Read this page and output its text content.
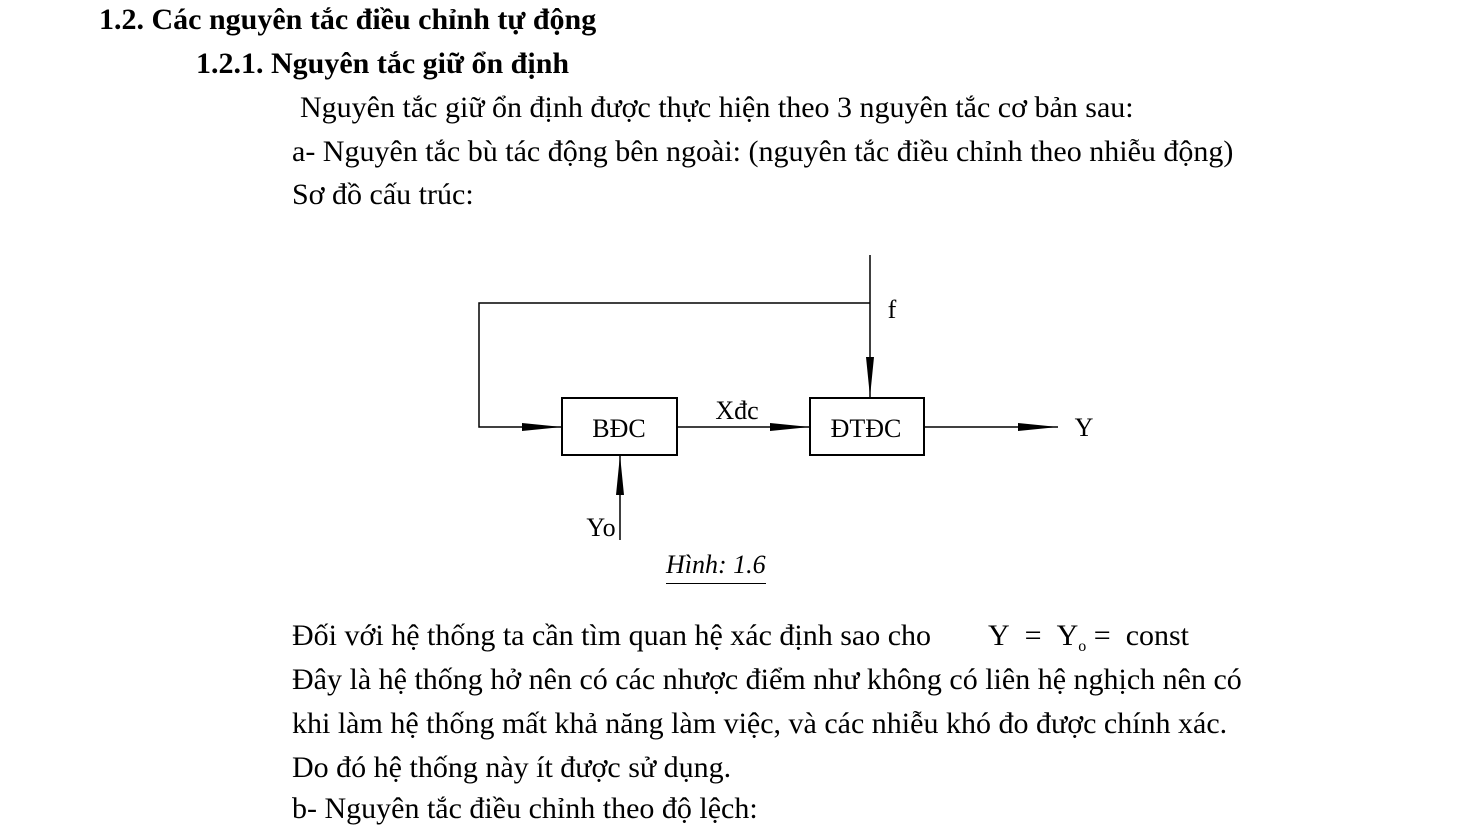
1.2. Các nguyên tắc điều chỉnh tự động
1.2.1. Nguyên tắc giữ ổn định
Nguyên tắc giữ ổn định được thực hiện theo 3 nguyên tắc cơ bản sau:
a- Nguyên tắc bù tác động bên ngoài: (nguyên tắc điều chỉnh theo nhiễu động)
Sơ đồ cấu trúc:
BĐC
Xđc
ĐTĐC	Y
f
Yo
Hình: 1.6
Đối với hệ thống ta cần tìm quan hệ xác định sao cho $Y = Y_o$ = const
Đây là hệ thống hở nên có các nhược điểm như không có liên hệ nghịch nên có
khi làm hệ thống mất khả năng làm việc, và các nhiễu khó đo được chính xác.
Do đó hệ thống này ít được sử dụng.
b- Nguyên tắc điều chỉnh theo độ lệch:
